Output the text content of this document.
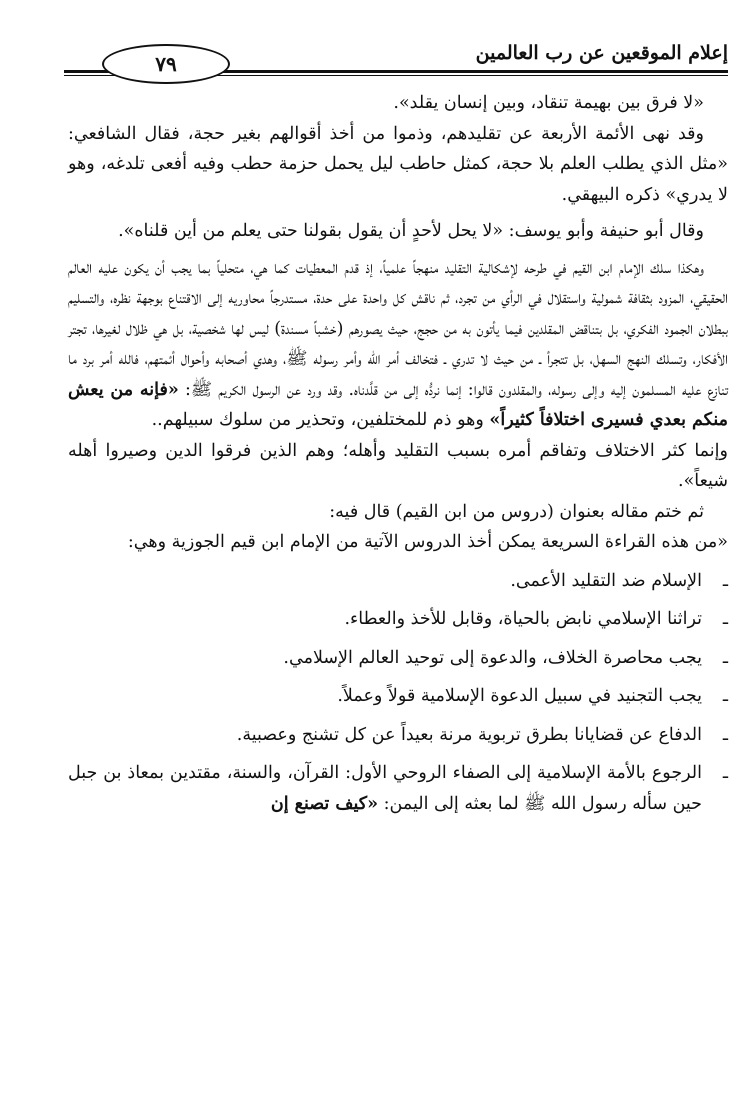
إعلام الموقعين عن رب العالمين
٧٩

«لا فرق بين بهيمة تنقاد، وبين إنسان يقلد».

وقد نهى الأئمة الأربعة عن تقليدهم، وذموا من أخذ أقوالهم بغير حجة، فقال الشافعي: «مثل الذي يطلب العلم بلا حجة، كمثل حاطب ليل يحمل حزمة حطب وفيه أفعى تلدغه، وهو لا يدري» ذكره البيهقي.

وقال أبو حنيفة وأبو يوسف: «لا يحل لأحدٍ أن يقول بقولنا حتى يعلم من أين قلناه».

وهكذا سلك الإمام ابن القيم في طرحه لإشكالية التقليد منهجاً علمياً، إذ قدم المعطيات كما هي، متحلياً بما يجب أن يكون عليه العالم الحقيقي، المزود بثقافة شمولية واستقلال في الرأي من تجرد، ثم ناقش كل واحدة على حدة، مستدرجاً محاوريه إلى الاقتناع بوجهة نظره، والتسليم ببطلان الجمود الفكري، بل بتناقض المقلدين فيما يأتون به من حجج، حيث يصورهم (خشباً مسندة) ليس لها شخصية، بل هي ظلال لغيرها، تجتر الأفكار، وتسلك النهج السهل، بل تتجرأ ـ من حيث لا تدري ـ فتخالف أمر الله وأمر رسوله ﷺ، وهدي أصحابه وأحوال أئمتهم، فالله أمر برد ما تنازع عليه المسلمون إليه وإلى رسوله، والمقلدون قالوا: إنما نردُّه إلى من قلَّدناه. وقد ورد عن الرسول الكريم ﷺ: «فإنه من يعش منكم بعدي فسيرى اختلافاً كثيراً» وهو ذم للمختلفين، وتحذير من سلوك سبيلهم..

وإنما كثر الاختلاف وتفاقم أمره بسبب التقليد وأهله؛ وهم الذين فرقوا الدين وصيروا أهله شيعاً».

ثم ختم مقاله بعنوان (دروس من ابن القيم) قال فيه:

«من هذه القراءة السريعة يمكن أخذ الدروس الآتية من الإمام ابن قيم الجوزية وهي:

ـ
الإسلام ضد التقليد الأعمى.
ـ
تراثنا الإسلامي نابض بالحياة، وقابل للأخذ والعطاء.
ـ
يجب محاصرة الخلاف، والدعوة إلى توحيد العالم الإسلامي.
ـ
يجب التجنيد في سبيل الدعوة الإسلامية قولاً وعملاً.
ـ
الدفاع عن قضايانا بطرق تربوية مرنة بعيداً عن كل تشنج وعصبية.
ـ
الرجوع بالأمة الإسلامية إلى الصفاء الروحي الأول: القرآن، والسنة، مقتدين بمعاذ بن جبل حين سأله رسول الله ﷺ لما بعثه إلى اليمن: «كيف تصنع إن
